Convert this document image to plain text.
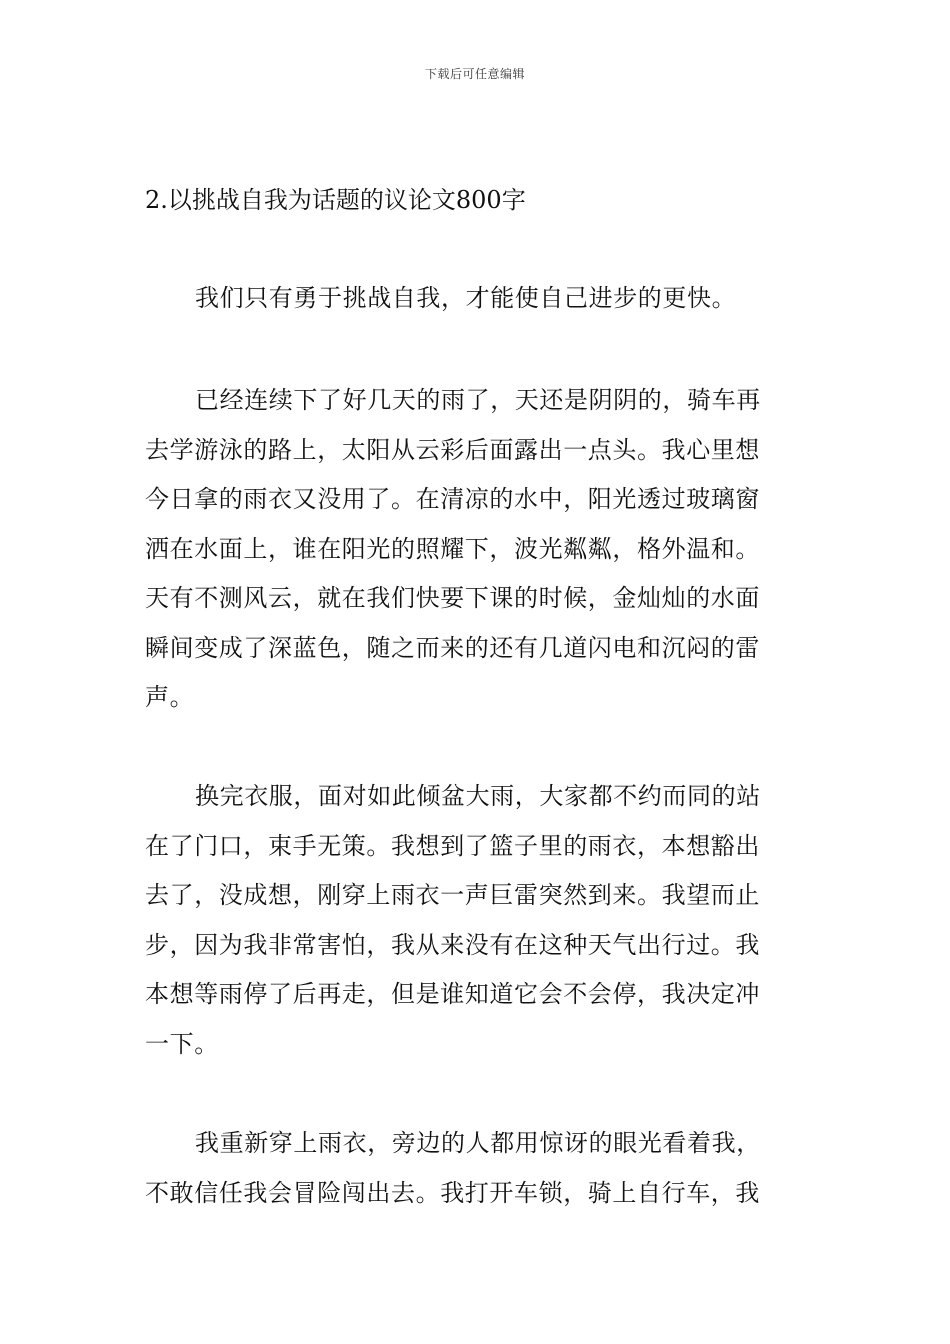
下载后可任意编辑
2.以挑战自我为话题的议论文800字
我们只有勇于挑战自我，才能使自己进步的更快。
已经连续下了好几天的雨了，天还是阴阴的，骑车再
去学游泳的路上，太阳从云彩后面露出一点头。我心里想
今日拿的雨衣又没用了。在清凉的水中，阳光透过玻璃窗
洒在水面上，谁在阳光的照耀下，波光粼粼，格外温和。
天有不测风云，就在我们快要下课的时候，金灿灿的水面
瞬间变成了深蓝色，随之而来的还有几道闪电和沉闷的雷
声。
换完衣服，面对如此倾盆大雨，大家都不约而同的站
在了门口，束手无策。我想到了篮子里的雨衣，本想豁出
去了，没成想，刚穿上雨衣一声巨雷突然到来。我望而止
步，因为我非常害怕，我从来没有在这种天气出行过。我
本想等雨停了后再走，但是谁知道它会不会停，我决定冲
一下。
我重新穿上雨衣，旁边的人都用惊讶的眼光看着我，
不敢信任我会冒险闯出去。我打开车锁，骑上自行车，我
